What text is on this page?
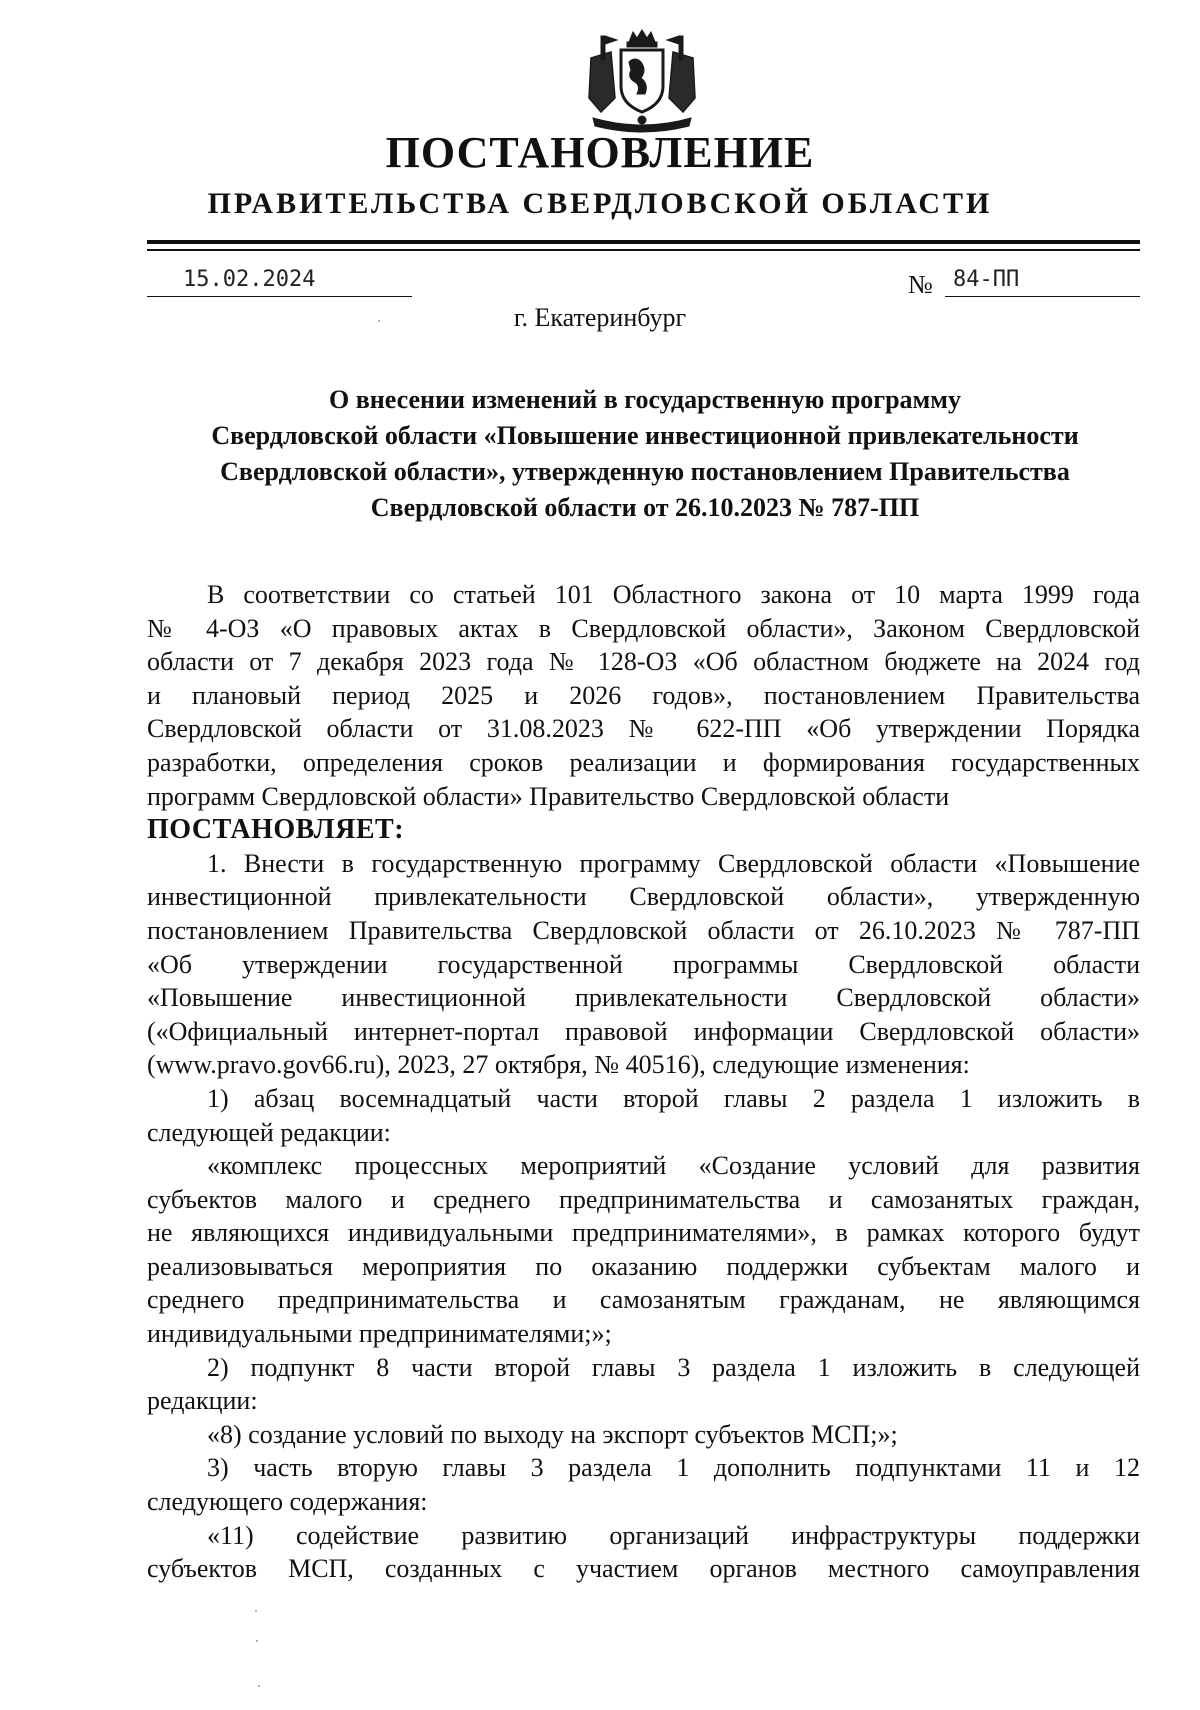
ПОСТАНОВЛЕНИЕ
ПРАВИТЕЛЬСТВА СВЕРДЛОВСКОЙ ОБЛАСТИ
15.02.2024	№ 84-ПП
г. Екатеринбург
О внесении изменений в государственную программу
Свердловской области «Повышение инвестиционной привлекательности
Свердловской области», утвержденную постановлением Правительства
Свердловской области от 26.10.2023 № 787-ПП

В соответствии со статьей 101 Областного закона от 10 марта 1999 года

№ 4-ОЗ «О правовых актах в Свердловской области», Законом Свердловской

области от 7 декабря 2023 года № 128-ОЗ «Об областном бюджете на 2024 год

и плановый период 2025 и 2026 годов», постановлением Правительства

Свердловской области от 31.08.2023 № 622-ПП «Об утверждении Порядка

разработки, определения сроков реализации и формирования государственных

программ Свердловской области» Правительство Свердловской области

ПОСТАНОВЛЯЕТ:

1. Внести в государственную программу Свердловской области «Повышение

инвестиционной привлекательности Свердловской области», утвержденную

постановлением Правительства Свердловской области от 26.10.2023 № 787-ПП

«Об утверждении государственной программы Свердловской области

«Повышение инвестиционной привлекательности Свердловской области»

(«Официальный интернет-портал правовой информации Свердловской области»

(www.pravo.gov66.ru), 2023, 27 октября, № 40516), следующие изменения:

1) абзац восемнадцатый части второй главы 2 раздела 1 изложить в

следующей редакции:

«комплекс процессных мероприятий «Создание условий для развития

субъектов малого и среднего предпринимательства и самозанятых граждан,

не являющихся индивидуальными предпринимателями», в рамках которого будут

реализовываться мероприятия по оказанию поддержки субъектам малого и

среднего предпринимательства и самозанятым гражданам, не являющимся

индивидуальными предпринимателями;»;

2) подпункт 8 части второй главы 3 раздела 1 изложить в следующей

редакции:

«8) создание условий по выходу на экспорт субъектов МСП;»;

3) часть вторую главы 3 раздела 1 дополнить подпунктами 11 и 12

следующего содержания:

«11) содействие развитию организаций инфраструктуры поддержки

субъектов МСП, созданных с участием органов местного самоуправления
